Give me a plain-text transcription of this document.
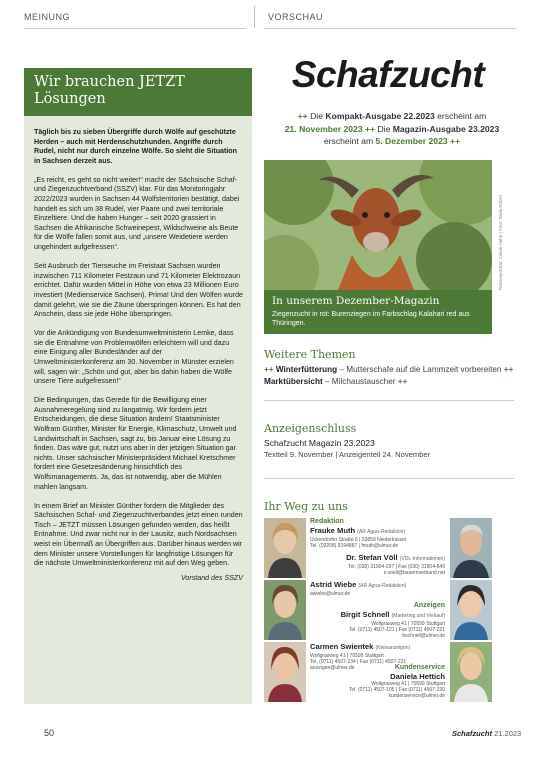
MEINUNG	VORSCHAU
Wir brauchen JETZT Lösungen

Täglich bis zu sieben Übergriffe durch Wölfe auf geschützte Herden – auch mit Herdenschutzhunden. Angriffe durch Rudel, nicht nur durch einzelne Wölfe. So sieht die Situation in Sachsen derzeit aus.

„Es reicht, es geht so nicht weiter!“ macht der Sächsische Schaf- und Ziegenzuchtverband (SSZV) klar. Für das Monitoringjahr 2022/2023 wurden in Sachsen 44 Wolfsterritorien bestätigt, dabei handelt es sich um 38 Rudel, vier Paare und zwei territoriale Einzeltiere. Und die haben Hunger – seit 2020 grassiert in Sachsen die Afrikanische Schweinepest, Wildschweine als Beute für die Wölfe fallen somit aus, und „unsere Weidetiere werden ungehindert aufgefressen“.

Seit Ausbruch der Tierseuche im Freistaat Sachsen wurden inzwischen 711 Kilometer Festzaun und 71 Kilometer Elektrozaun errichtet. Dafür wurden Mittel in Höhe von etwa 23 Millionen Euro investiert (Medienservice Sachsen). Prima! Und den Wölfen wurde damit gelehrt, wie sie die Zäune überspringen können. Es hat den Anschein, dass sie jede Höhe überspringen.

Vor die Ankündigung von Bundesumweltministerin Lemke, dass sie die Entnahme von Problemwölfen erleichtern will und dazu eine Einigung aller Bundesländer auf der Umweltministerkonferenz am 30. November in Münster erzielen will, sagen wir: „Schön und gut, aber bis dahin haben die Wölfe unsere Tiere aufgefressen!“

Die Bedingungen, das Gerede für die Bewilligung einer Ausnahmeregelung sind zu langatmig. Wir fordern jetzt Entscheidungen, die diese Situation ändern! Staatsminister Wolfram Günther, Minister für Energie, Klimaschutz, Umwelt und Landwirtschaft in Sachsen, sagt zu, bis Januar eine Lösung zu finden. Das wäre gut, nutzt uns aber in der jetzigen Situation gar nichts. Unser sächsischer Ministerpräsident Michael Kretschmer fordert eine Gesetzesänderung hinsichtlich des Wolfsmanagements. Ja, das ist notwendig, aber die Mühlen mahlen langsam.

In einem Brief an Minister Günther fordern die Mitglieder des Sächsischen Schaf- und Ziegenzuchtverbandes jetzt einen runden Tisch – JETZT müssen Lösungen gefunden werden, das heißt Entnahme. Und zwar nicht nur in der Lausitz, auch Nordsachsen weist ein Übermaß an Übergriffen aus. Darüber hinaus werden wir dem Minister unsere Vorstellungen für langfristige Lösungen für die nächste Umweltministerkonferenz mit auf den Weg geben.

Vorstand des SSZV

Schafzucht
++ Die Kompakt-Ausgabe 22.2023 erscheint am
21. November 2023 ++ Die Magazin-Ausgabe 23.2023
erscheint am 5. Dezember 2023 ++
Rassenporträt: Calvin Hahn | Foto: Silvia Kölzer
In unserem Dezember-Magazin
Ziegenzucht in rot: Burenziegen im Farbschlag Kalahari red aus Thüringen.
Weitere Themen
++ Winterfütterung – Mutterschafe auf die Lammzeit vorbereiten ++ Marktübersicht – Milchaustauscher ++
Anzeigenschluss
Schafzucht Magazin 23.2023
Textteil 9. November | Anzeigenteil 24. November
Ihr Weg zu uns
Redaktion
Frauke Muth (AR Agrar-Redaktion)
Uckendorfer Straße 6 | 53859 Niederkassel
Tel. (02208) 9194887 | fmuth@ulmer.de
Dr. Stefan Völl (VDL-Informationen)
Tel. (030) 31904-297 | Fax (030) 31904-549
s.voell@bauernverband.net
Astrid Wiebe (AR Agrar-Redaktion)
awiebe@ulmer.de
Anzeigen
Birgit Schnell (Marketing und Verkauf)
Wollgrasweg 41 | 70599 Stuttgart
Tel. (0711) 4507-121 | Fax (0711) 4507-221
bschnell@ulmer.de
Carmen Swientek (Kleinanzeigen)
Wollgrasweg 41 | 70599 Stuttgart
Tel. (0711) 4507-234 | Fax (0711) 4507-221
anzeigen@ulmer.de	Kundenservice
Daniela Hettich
Wollgrasweg 41 | 70599 Stuttgart
Tel. (0711) 4507-105 | Fax (0711) 4507-120
kundenservice@ulmer.de
50	Schafzucht 21.2023
